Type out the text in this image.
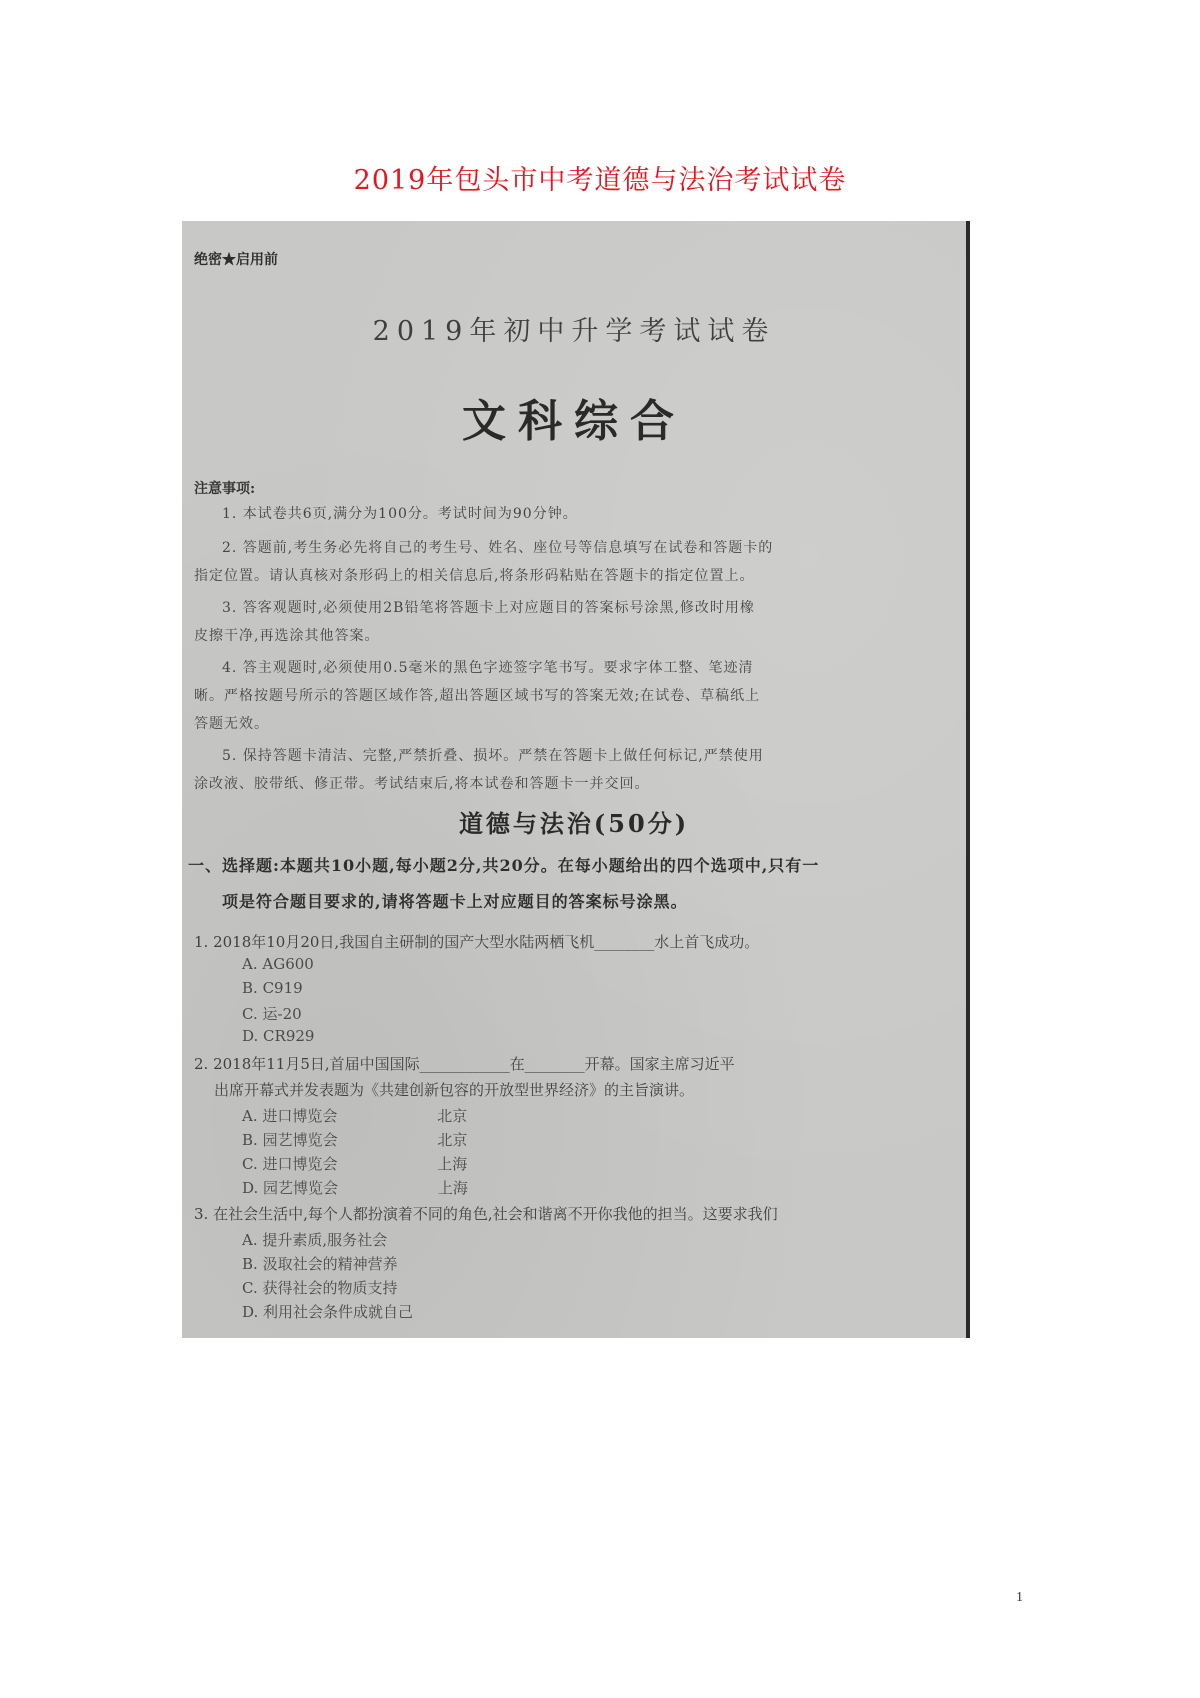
2019年包头市中考道德与法治考试试卷
绝密★启用前
2019年初中升学考试试卷
文科综合
注意事项:
1. 本试卷共6页,满分为100分。考试时间为90分钟。
2. 答题前,考生务必先将自己的考生号、姓名、座位号等信息填写在试卷和答题卡的
指定位置。请认真核对条形码上的相关信息后,将条形码粘贴在答题卡的指定位置上。
3. 答客观题时,必须使用2B铅笔将答题卡上对应题目的答案标号涂黑,修改时用橡
皮擦干净,再选涂其他答案。
4. 答主观题时,必须使用0.5毫米的黑色字迹签字笔书写。要求字体工整、笔迹清
晰。严格按题号所示的答题区域作答,超出答题区域书写的答案无效;在试卷、草稿纸上
答题无效。
5. 保持答题卡清洁、完整,严禁折叠、损坏。严禁在答题卡上做任何标记,严禁使用
涂改液、胶带纸、修正带。考试结束后,将本试卷和答题卡一并交回。
道德与法治(50分)
一、选择题:本题共10小题,每小题2分,共20分。在每小题给出的四个选项中,只有一
项是符合题目要求的,请将答题卡上对应题目的答案标号涂黑。
1. 2018年10月20日,我国自主研制的国产大型水陆两栖飞机________水上首飞成功。
A. AG600
B. C919
C. 运-20
D. CR929
2. 2018年11月5日,首届中国国际____________在________开幕。国家主席习近平
出席开幕式并发表题为《共建创新包容的开放型世界经济》的主旨演讲。
A. 进口博览会	北京
B. 园艺博览会	北京
C. 进口博览会	上海
D. 园艺博览会	上海
3. 在社会生活中,每个人都扮演着不同的角色,社会和谐离不开你我他的担当。这要求我们
A. 提升素质,服务社会
B. 汲取社会的精神营养
C. 获得社会的物质支持
D. 利用社会条件成就自己
1
